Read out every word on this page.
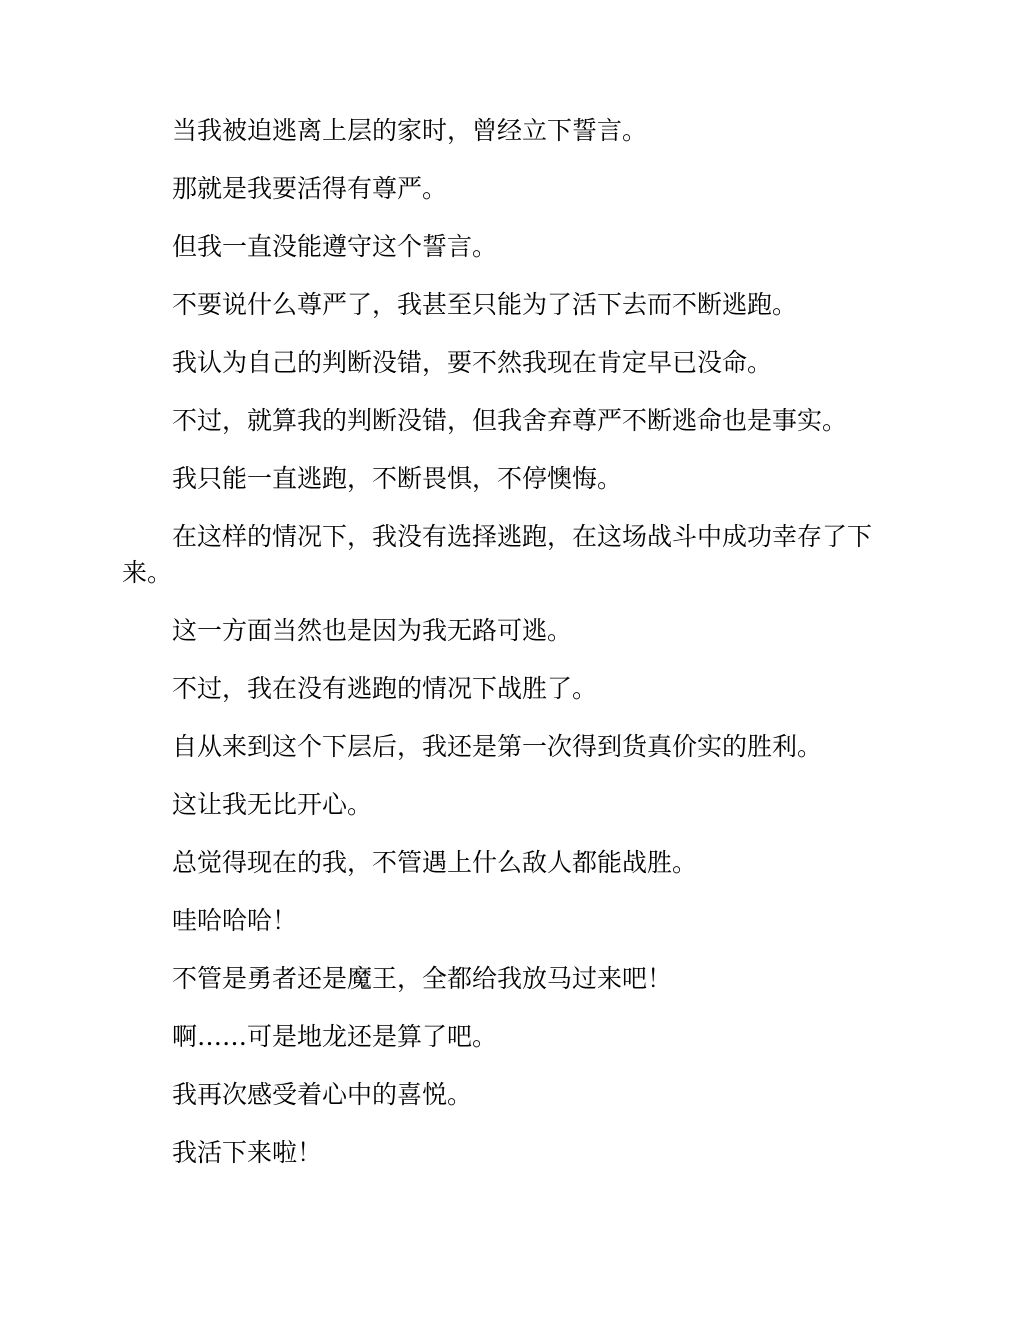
当我被迫逃离上层的家时，曾经立下誓言。

那就是我要活得有尊严。

但我一直没能遵守这个誓言。

不要说什么尊严了，我甚至只能为了活下去而不断逃跑。

我认为自己的判断没错，要不然我现在肯定早已没命。

不过，就算我的判断没错，但我舍弃尊严不断逃命也是事实。

我只能一直逃跑，不断畏惧，不停懊悔。

在这样的情况下，我没有选择逃跑，在这场战斗中成功幸存了下来。

这一方面当然也是因为我无路可逃。

不过，我在没有逃跑的情况下战胜了。

自从来到这个下层后，我还是第一次得到货真价实的胜利。

这让我无比开心。

总觉得现在的我，不管遇上什么敌人都能战胜。

哇哈哈哈！

不管是勇者还是魔王，全都给我放马过来吧！

啊……可是地龙还是算了吧。

我再次感受着心中的喜悦。

我活下来啦！
